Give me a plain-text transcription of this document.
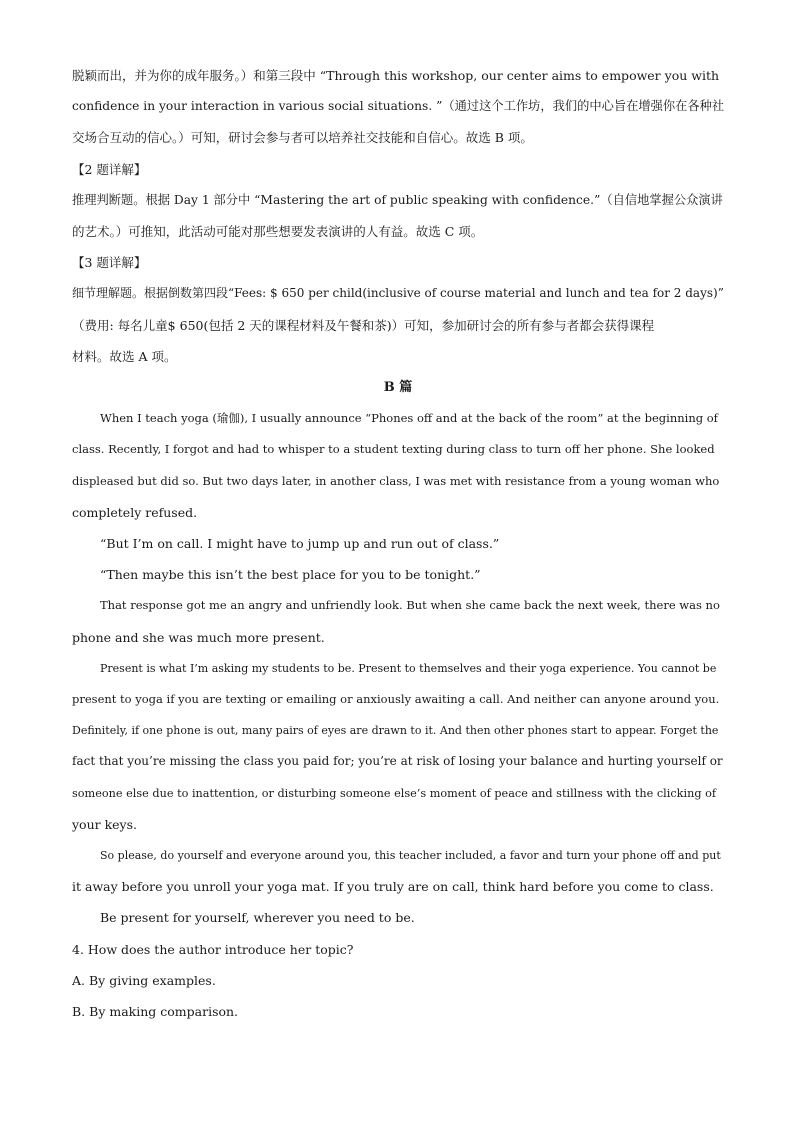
脱颖而出，并为你的成年服务。）和第三段中 “Through this workshop, our center aims to empower you with

confidence in your interaction in various social situations. ”（通过这个工作坊，我们的中心旨在增强你在各种社

交场合互动的信心。）可知，研讨会参与者可以培养社交技能和自信心。故选 B 项。

【2 题详解】

推理判断题。根据 Day 1 部分中 “Mastering the art of public speaking with confidence.”（自信地掌握公众演讲

的艺术。）可推知，此活动可能对那些想要发表演讲的人有益。故选 C 项。

【3 题详解】

细节理解题。根据倒数第四段“Fees: $ 650 per child(inclusive of course material and lunch and tea for 2 days)”

（费用: 每名儿童$ 650(包括 2 天的课程材料及午餐和茶)）可知，参加研讨会的所有参与者都会获得课程

材料。故选 A 项。

B 篇

When I teach yoga (瑜伽), I usually announce “Phones off and at the back of the room” at the beginning of

class. Recently, I forgot and had to whisper to a student texting during class to turn off her phone. She looked

displeased but did so. But two days later, in another class, I was met with resistance from a young woman who

completely refused.

“But I’m on call. I might have to jump up and run out of class.”

“Then maybe this isn’t the best place for you to be tonight.”

That response got me an angry and unfriendly look. But when she came back the next week, there was no

phone and she was much more present.

Present is what I’m asking my students to be. Present to themselves and their yoga experience. You cannot be

present to yoga if you are texting or emailing or anxiously awaiting a call. And neither can anyone around you.

Definitely, if one phone is out, many pairs of eyes are drawn to it. And then other phones start to appear. Forget the

fact that you’re missing the class you paid for; you’re at risk of losing your balance and hurting yourself or

someone else due to inattention, or disturbing someone else’s moment of peace and stillness with the clicking of

your keys.

So please, do yourself and everyone around you, this teacher included, a favor and turn your phone off and put

it away before you unroll your yoga mat. If you truly are on call, think hard before you come to class.

Be present for yourself, wherever you need to be.

4. How does the author introduce her topic?

A. By giving examples.

B. By making comparison.
